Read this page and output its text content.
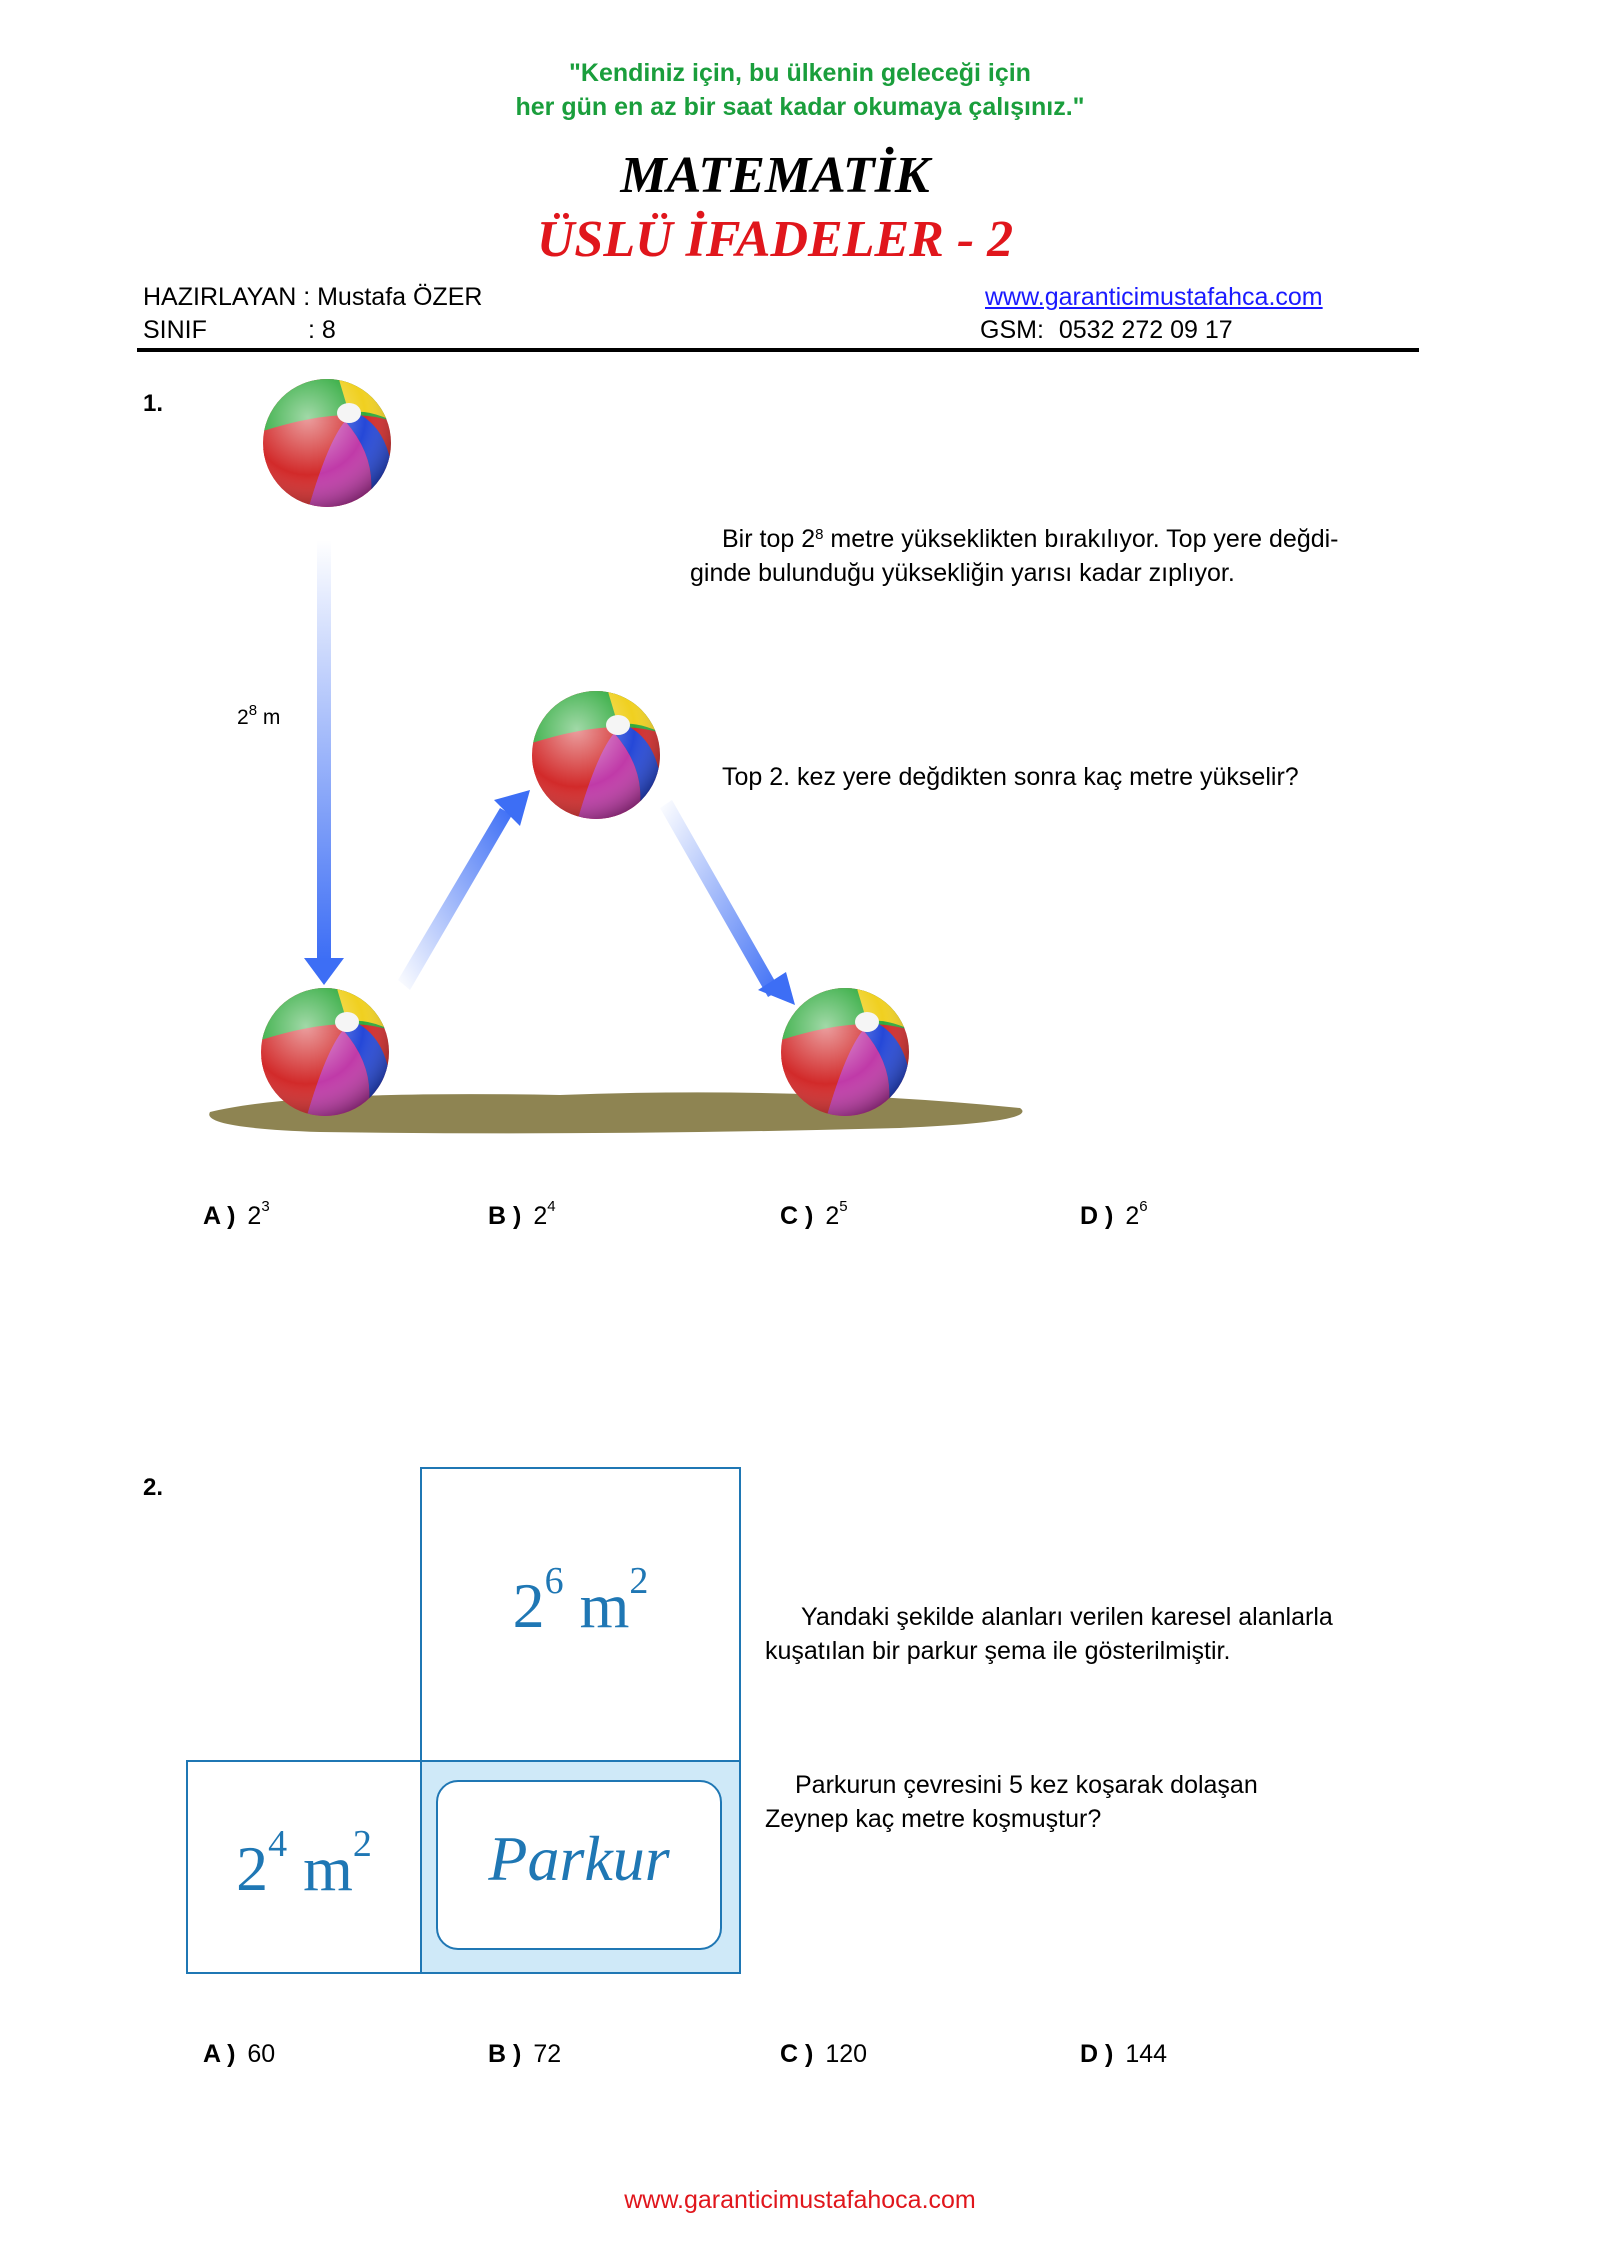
"Kendiniz için, bu ülkenin geleceği için
her gün en az bir saat kadar okumaya çalışınız."
MATEMATİK
ÜSLÜ İFADELER - 2
HAZIRLAYAN : Mustafa ÖZER
SINIF	: 8
www.garanticimustafahca.com
GSM: 0532 272 09 17
1.
$2^8$ m
Bir top $2^8$ metre yükseklikten bırakılıyor. Top yere değdi-
ginde bulunduğu yüksekliğin yarısı kadar zıplıyor.
Top 2. kez yere değdikten sonra kaç metre yükselir?
A ) $2^3$	B ) $2^4$	C ) $2^5$	D ) $2^6$
2.
$2^6$ $m^2$
$2^4$ $m^2$	Parkur
Yandaki şekilde alanları verilen karesel alanlarla
kuşatılan bir parkur şema ile gösterilmiştir.
Parkurun çevresini 5 kez koşarak dolaşan
Zeynep kaç metre koşmuştur?
A ) 60	B ) 72	C ) 120	D ) 144
www.garanticimustafahoca.com
